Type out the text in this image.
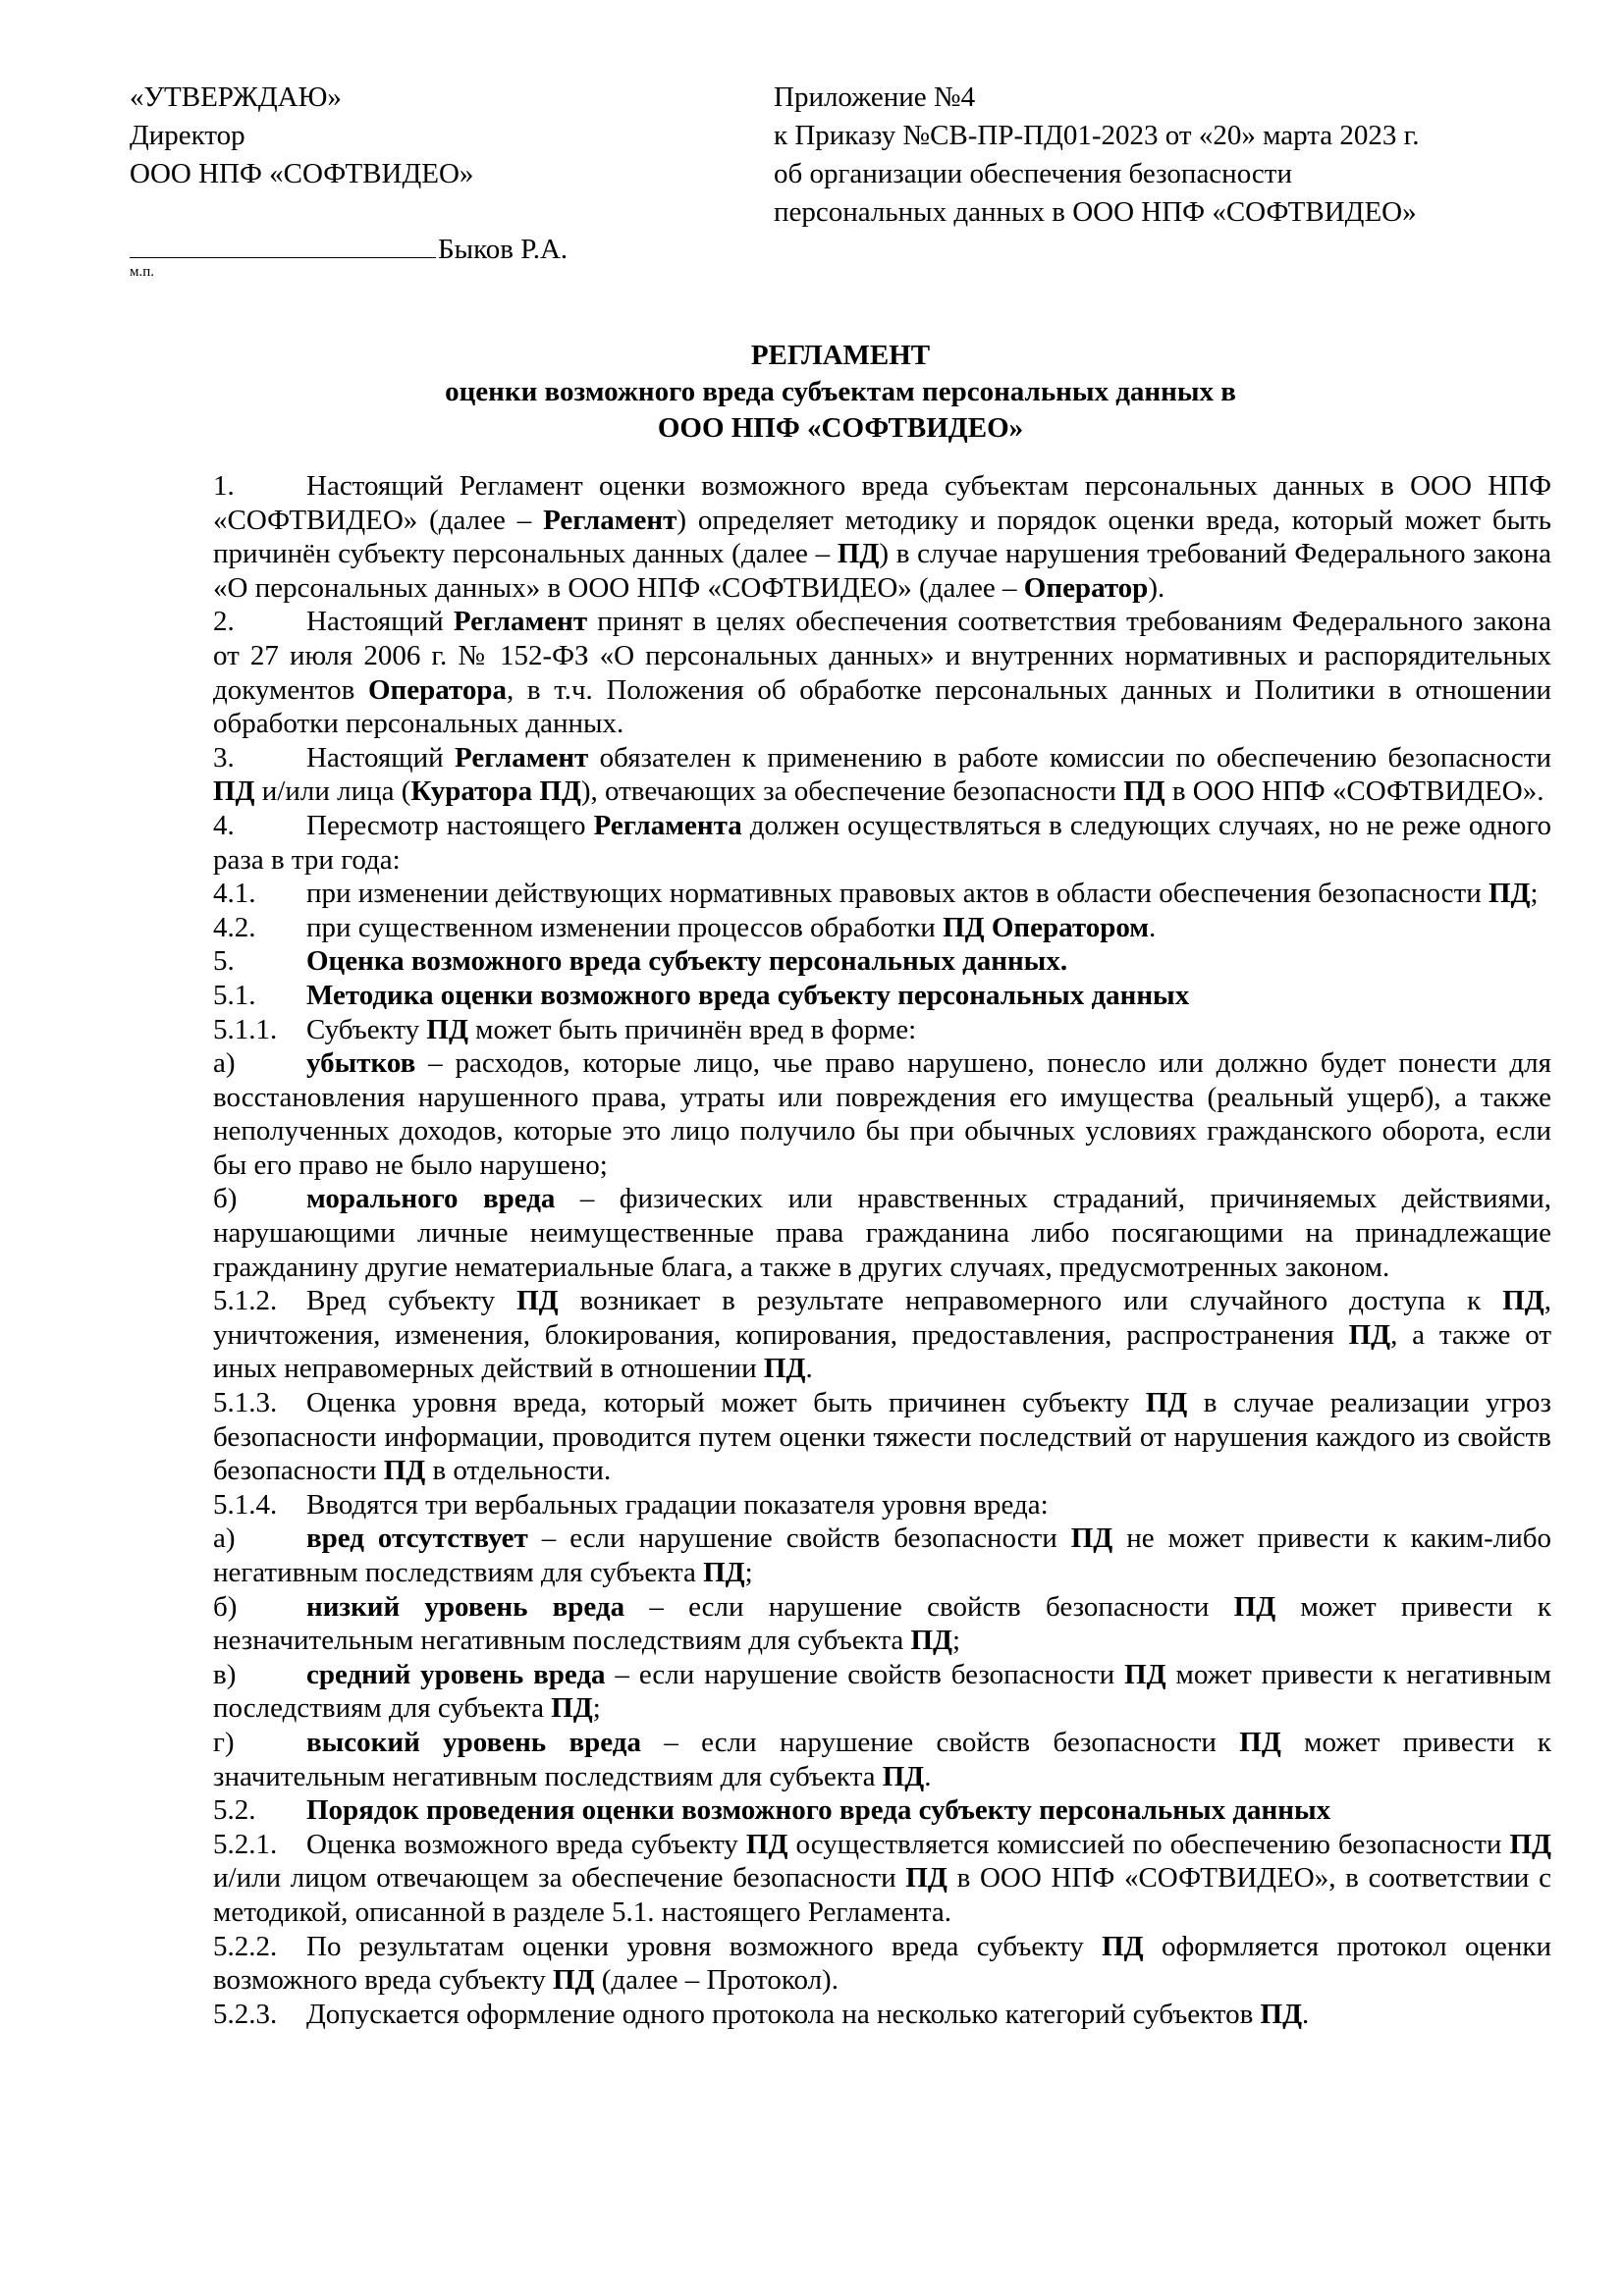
«УТВЕРЖДАЮ»
Директор
ООО НПФ «СОФТВИДЕО»
Быков Р.А.
м.п.
Приложение №4
к Приказу №СВ-ПР-ПД01-2023 от «20» марта 2023 г.
об организации обеспечения безопасности
персональных данных в ООО НПФ «СОФТВИДЕО»
РЕГЛАМЕНТ
оценки возможного вреда субъектам персональных данных в
ООО НПФ «СОФТВИДЕО»

1.	Настоящий Регламент оценки возможного вреда субъектам персональных данных в ООО НПФ «СОФТВИДЕО» (далее – Регламент) определяет методику и порядок оценки вреда, который может быть причинён субъекту персональных данных (далее – ПД) в случае нарушения требований Федерального закона «О персональных данных» в ООО НПФ «СОФТВИДЕО» (далее – Оператор).

2.	Настоящий Регламент принят в целях обеспечения соответствия требованиям Федерального закона от 27 июля 2006 г. № 152-ФЗ «О персональных данных» и внутренних нормативных и распорядительных документов Оператора, в т.ч. Положения об обработке персональных данных и Политики в отношении обработки персональных данных.

3.	Настоящий Регламент обязателен к применению в работе комиссии по обеспечению безопасности ПД и/или лица (Куратора ПД), отвечающих за обеспечение безопасности ПД в ООО НПФ «СОФТВИДЕО».

4.	Пересмотр настоящего Регламента должен осуществляться в следующих случаях, но не реже одного раза в три года:

4.1. при изменении действующих нормативных правовых актов в области обеспечения безопасности ПД;

4.2. при существенном изменении процессов обработки ПД Оператором.

5.	Оценка возможного вреда субъекту персональных данных.

5.1. Методика оценки возможного вреда субъекту персональных данных

5.1.1. Субъекту ПД может быть причинён вред в форме:

а) убытков – расходов, которые лицо, чье право нарушено, понесло или должно будет понести для восстановления нарушенного права, утраты или повреждения его имущества (реальный ущерб), а также неполученных доходов, которые это лицо получило бы при обычных условиях гражданского оборота, если бы его право не было нарушено;

б) морального вреда – физических или нравственных страданий, причиняемых действиями, нарушающими личные неимущественные права гражданина либо посягающими на принадлежащие гражданину другие нематериальные блага, а также в других случаях, предусмотренных законом.

5.1.2. Вред субъекту ПД возникает в результате неправомерного или случайного доступа к ПД, уничтожения, изменения, блокирования, копирования, предоставления, распространения ПД, а также от иных неправомерных действий в отношении ПД.

5.1.3. Оценка уровня вреда, который может быть причинен субъекту ПД в случае реализации угроз безопасности информации, проводится путем оценки тяжести последствий от нарушения каждого из свойств безопасности ПД в отдельности.

5.1.4. Вводятся три вербальных градации показателя уровня вреда:

а) вред отсутствует – если нарушение свойств безопасности ПД не может привести к каким-либо негативным последствиям для субъекта ПД;

б) низкий уровень вреда – если нарушение свойств безопасности ПД может привести к незначительным негативным последствиям для субъекта ПД;

в) средний уровень вреда – если нарушение свойств безопасности ПД может привести к негативным последствиям для субъекта ПД;

г)	высокий уровень вреда – если нарушение свойств безопасности ПД может привести к значительным негативным последствиям для субъекта ПД.

5.2. Порядок проведения оценки возможного вреда субъекту персональных данных

5.2.1. Оценка возможного вреда субъекту ПД осуществляется комиссией по обеспечению безопасности ПД и/или лицом отвечающем за обеспечение безопасности ПД в ООО НПФ «СОФТВИДЕО», в соответствии с методикой, описанной в разделе 5.1. настоящего Регламента.

5.2.2. По результатам оценки уровня возможного вреда субъекту ПД оформляется протокол оценки возможного вреда субъекту ПД (далее – Протокол).

5.2.3. Допускается оформление одного протокола на несколько категорий субъектов ПД.
